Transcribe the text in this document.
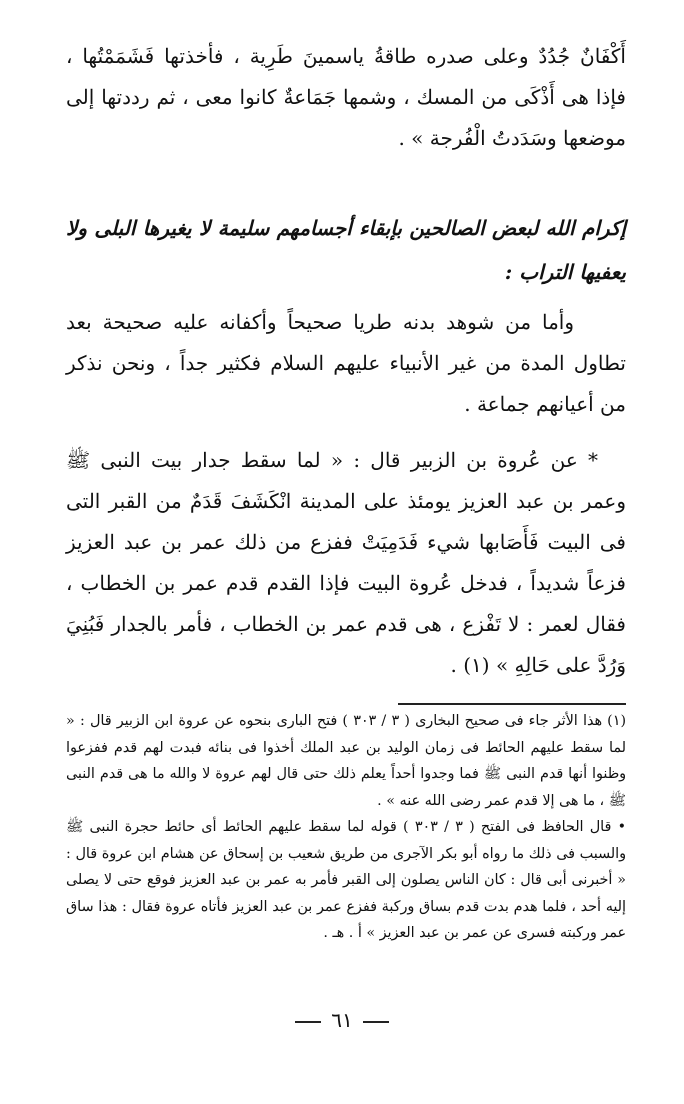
أَكْفَانٌ جُدُدٌ وعلى صدره طاقةُ ياسمينَ طَرِية ، فأخذتها فَشَمَمْتُها ، فإذا هى أَذْكَى من المسك ، وشمها جَمَاعةٌ كانوا معى ، ثم رددتها إلى موضعها وسَدَدتُ الْفُرجة » .

إكرام الله لبعض الصالحين بإبقاء أجسامهم سليمة لا يغيرها البلى ولا يعفيها التراب :

وأما من شوهد بدنه طريا صحيحاً وأكفانه عليه صحيحة بعد تطاول المدة من غير الأنبياء عليهم السلام فكثير جداً ، ونحن نذكر من أعيانهم جماعة .

* عن عُروة بن الزبير قال : « لما سقط جدار بيت النبى ﷺ وعمر بن عبد العزيز يومئذ على المدينة انْكَشَفَ قَدَمٌ من القبر التى فى البيت فَأَصَابها شيء فَدَمِيَتْ ففزع من ذلك عمر بن عبد العزيز فزعاً شديداً ، فدخل عُروة البيت فإذا القدم قدم عمر بن الخطاب ، فقال لعمر : لا تَفْزع ، هى قدم عمر بن الخطاب ، فأمر بالجدار فَبُنِيَ وَرُدَّ على حَالِهِ » (١) .

(١) هذا الأثر جاء فى صحيح البخارى ( ٣ / ٣٠٣ ) فتح البارى بنحوه عن عروة ابن الزبير قال : « لما سقط عليهم الحائط فى زمان الوليد بن عبد الملك أخذوا فى بنائه فبدت لهم قدم ففزعوا وظنوا أنها قدم النبى ﷺ فما وجدوا أحداً يعلم ذلك حتى قال لهم عروة لا والله ما هى قدم النبى ﷺ ، ما هى إلا قدم عمر رضى الله عنه » .

• قال الحافظ فى الفتح ( ٣ / ٣٠٣ ) قوله لما سقط عليهم الحائط أى حائط حجرة النبى ﷺ والسبب فى ذلك ما رواه أبو بكر الآجرى من طريق شعيب بن إسحاق عن هشام ابن عروة قال : « أخبرنى أبى قال : كان الناس يصلون إلى القبر فأمر به عمر بن عبد العزيز فوقع حتى لا يصلى إليه أحد ، فلما هدم بدت قدم بساق وركبة ففزع عمر بن عبد العزيز فأتاه عروة فقال : هذا ساق عمر وركبته فسرى عن عمر بن عبد العزيز » أ . هـ .

٦١
